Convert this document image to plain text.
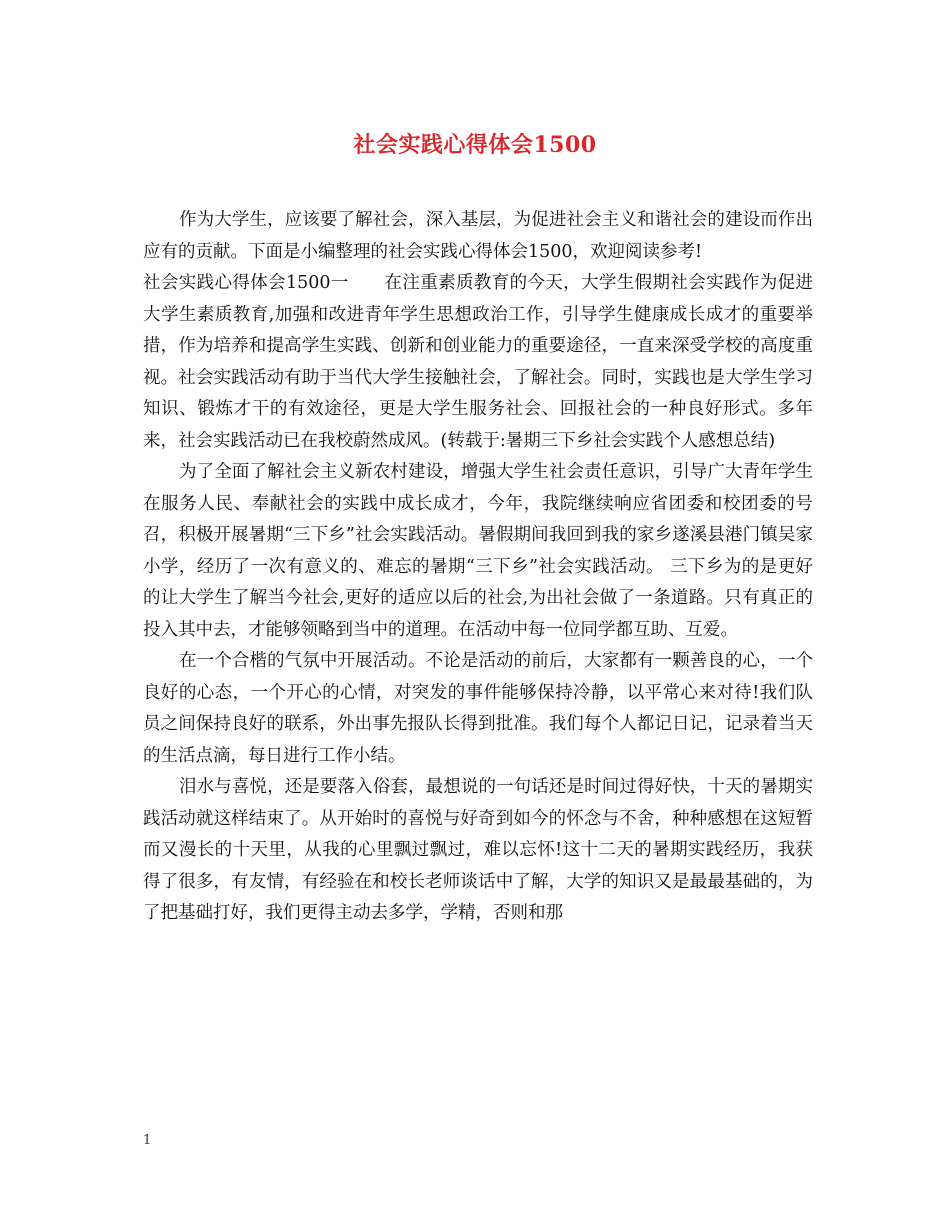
社会实践心得体会1500

作为大学生，应该要了解社会，深入基层，为促进社会主义和谐社会的建设而作出应有的贡献。下面是小编整理的社会实践心得体会1500，欢迎阅读参考!

社会实践心得体会1500一　　在注重素质教育的今天，大学生假期社会实践作为促进大学生素质教育,加强和改进青年学生思想政治工作，引导学生健康成长成才的重要举措，作为培养和提高学生实践、创新和创业能力的重要途径，一直来深受学校的高度重视。社会实践活动有助于当代大学生接触社会，了解社会。同时，实践也是大学生学习知识、锻炼才干的有效途径，更是大学生服务社会、回报社会的一种良好形式。多年来，社会实践活动已在我校蔚然成风。(转载于:暑期三下乡社会实践个人感想总结)

为了全面了解社会主义新农村建设，增强大学生社会责任意识，引导广大青年学生在服务人民、奉献社会的实践中成长成才，今年，我院继续响应省团委和校团委的号召，积极开展暑期“三下乡”社会实践活动。暑假期间我回到我的家乡遂溪县港门镇吴家小学，经历了一次有意义的、难忘的暑期“三下乡”社会实践活动。 三下乡为的是更好的让大学生了解当今社会,更好的适应以后的社会,为出社会做了一条道路。只有真正的投入其中去，才能够领略到当中的道理。在活动中每一位同学都互助、互爱。

在一个合楷的气氛中开展活动。不论是活动的前后，大家都有一颗善良的心，一个良好的心态，一个开心的心情，对突发的事件能够保持冷静，以平常心来对待!我们队员之间保持良好的联系，外出事先报队长得到批准。我们每个人都记日记，记录着当天的生活点滴，每日进行工作小结。

泪水与喜悦，还是要落入俗套，最想说的一句话还是时间过得好快，十天的暑期实践活动就这样结束了。从开始时的喜悦与好奇到如今的怀念与不舍，种种感想在这短暂而又漫长的十天里，从我的心里飘过飘过，难以忘怀!这十二天的暑期实践经历，我获得了很多，有友情，有经验在和校长老师谈话中了解，大学的知识又是最最基础的，为了把基础打好，我们更得主动去多学，学精，否则和那

1
